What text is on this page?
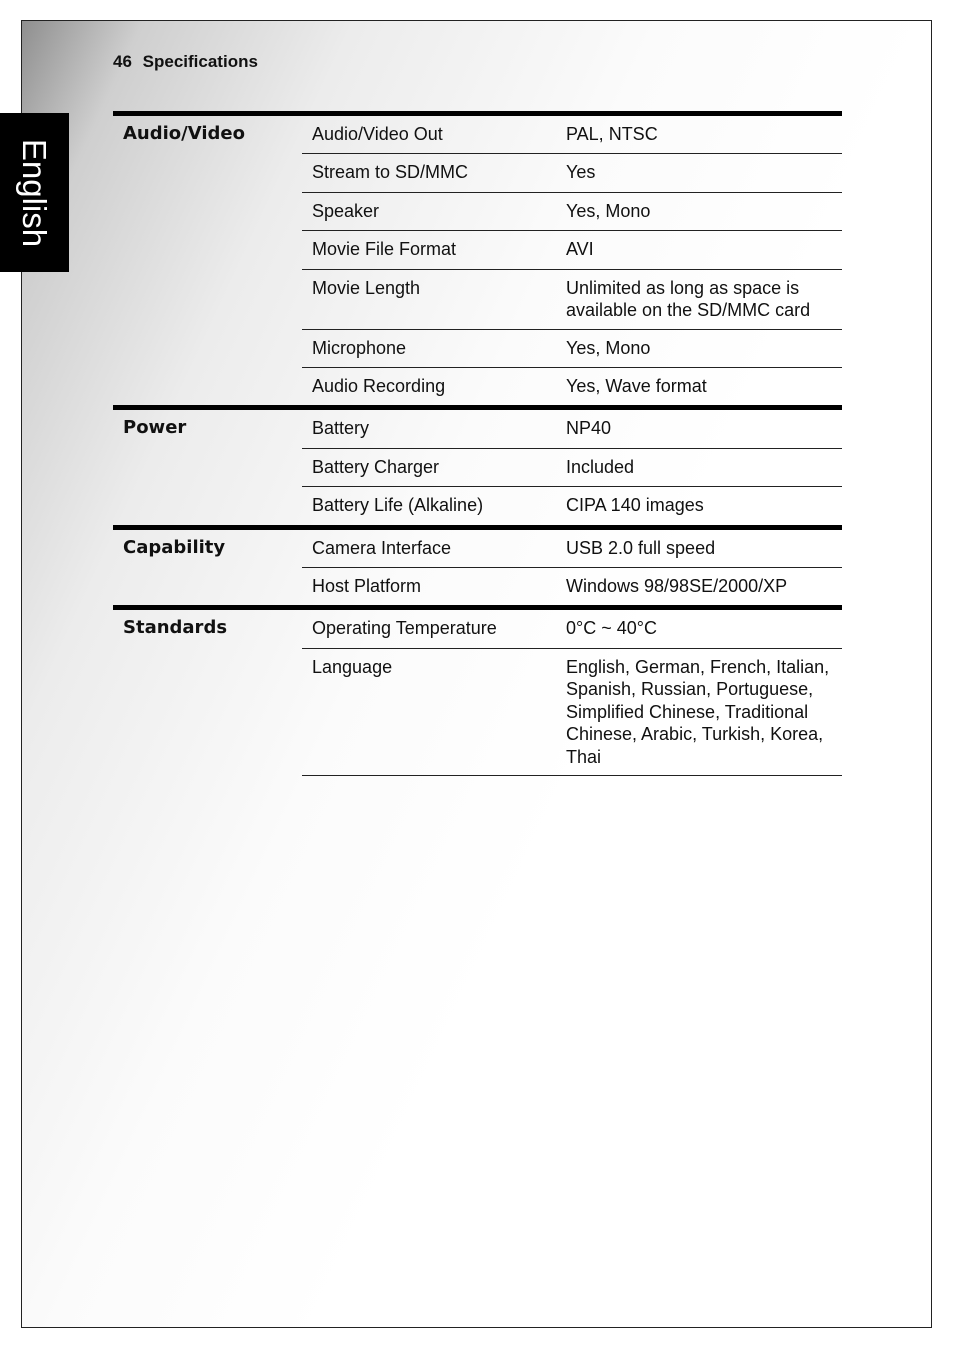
English
46 Specifications
Audio/Video	Audio/Video Out	PAL, NTSC
	Stream to SD/MMC	Yes
	Speaker	Yes, Mono
	Movie File Format	AVI
	Movie Length	Unlimited as long as space is available on the SD/MMC card
	Microphone	Yes, Mono
	Audio Recording	Yes, Wave format
Power	Battery	NP40
	Battery Charger	Included
	Battery Life (Alkaline)	CIPA 140 images
Capability	Camera Interface	USB 2.0 full speed
	Host Platform	Windows 98/98SE/2000/XP
Standards	Operating Temperature	0°C ~ 40°C
	Language	English, German, French, Italian, Spanish, Russian, Portuguese, Simplified Chinese, Traditional Chinese, Arabic, Turkish, Korea, Thai
